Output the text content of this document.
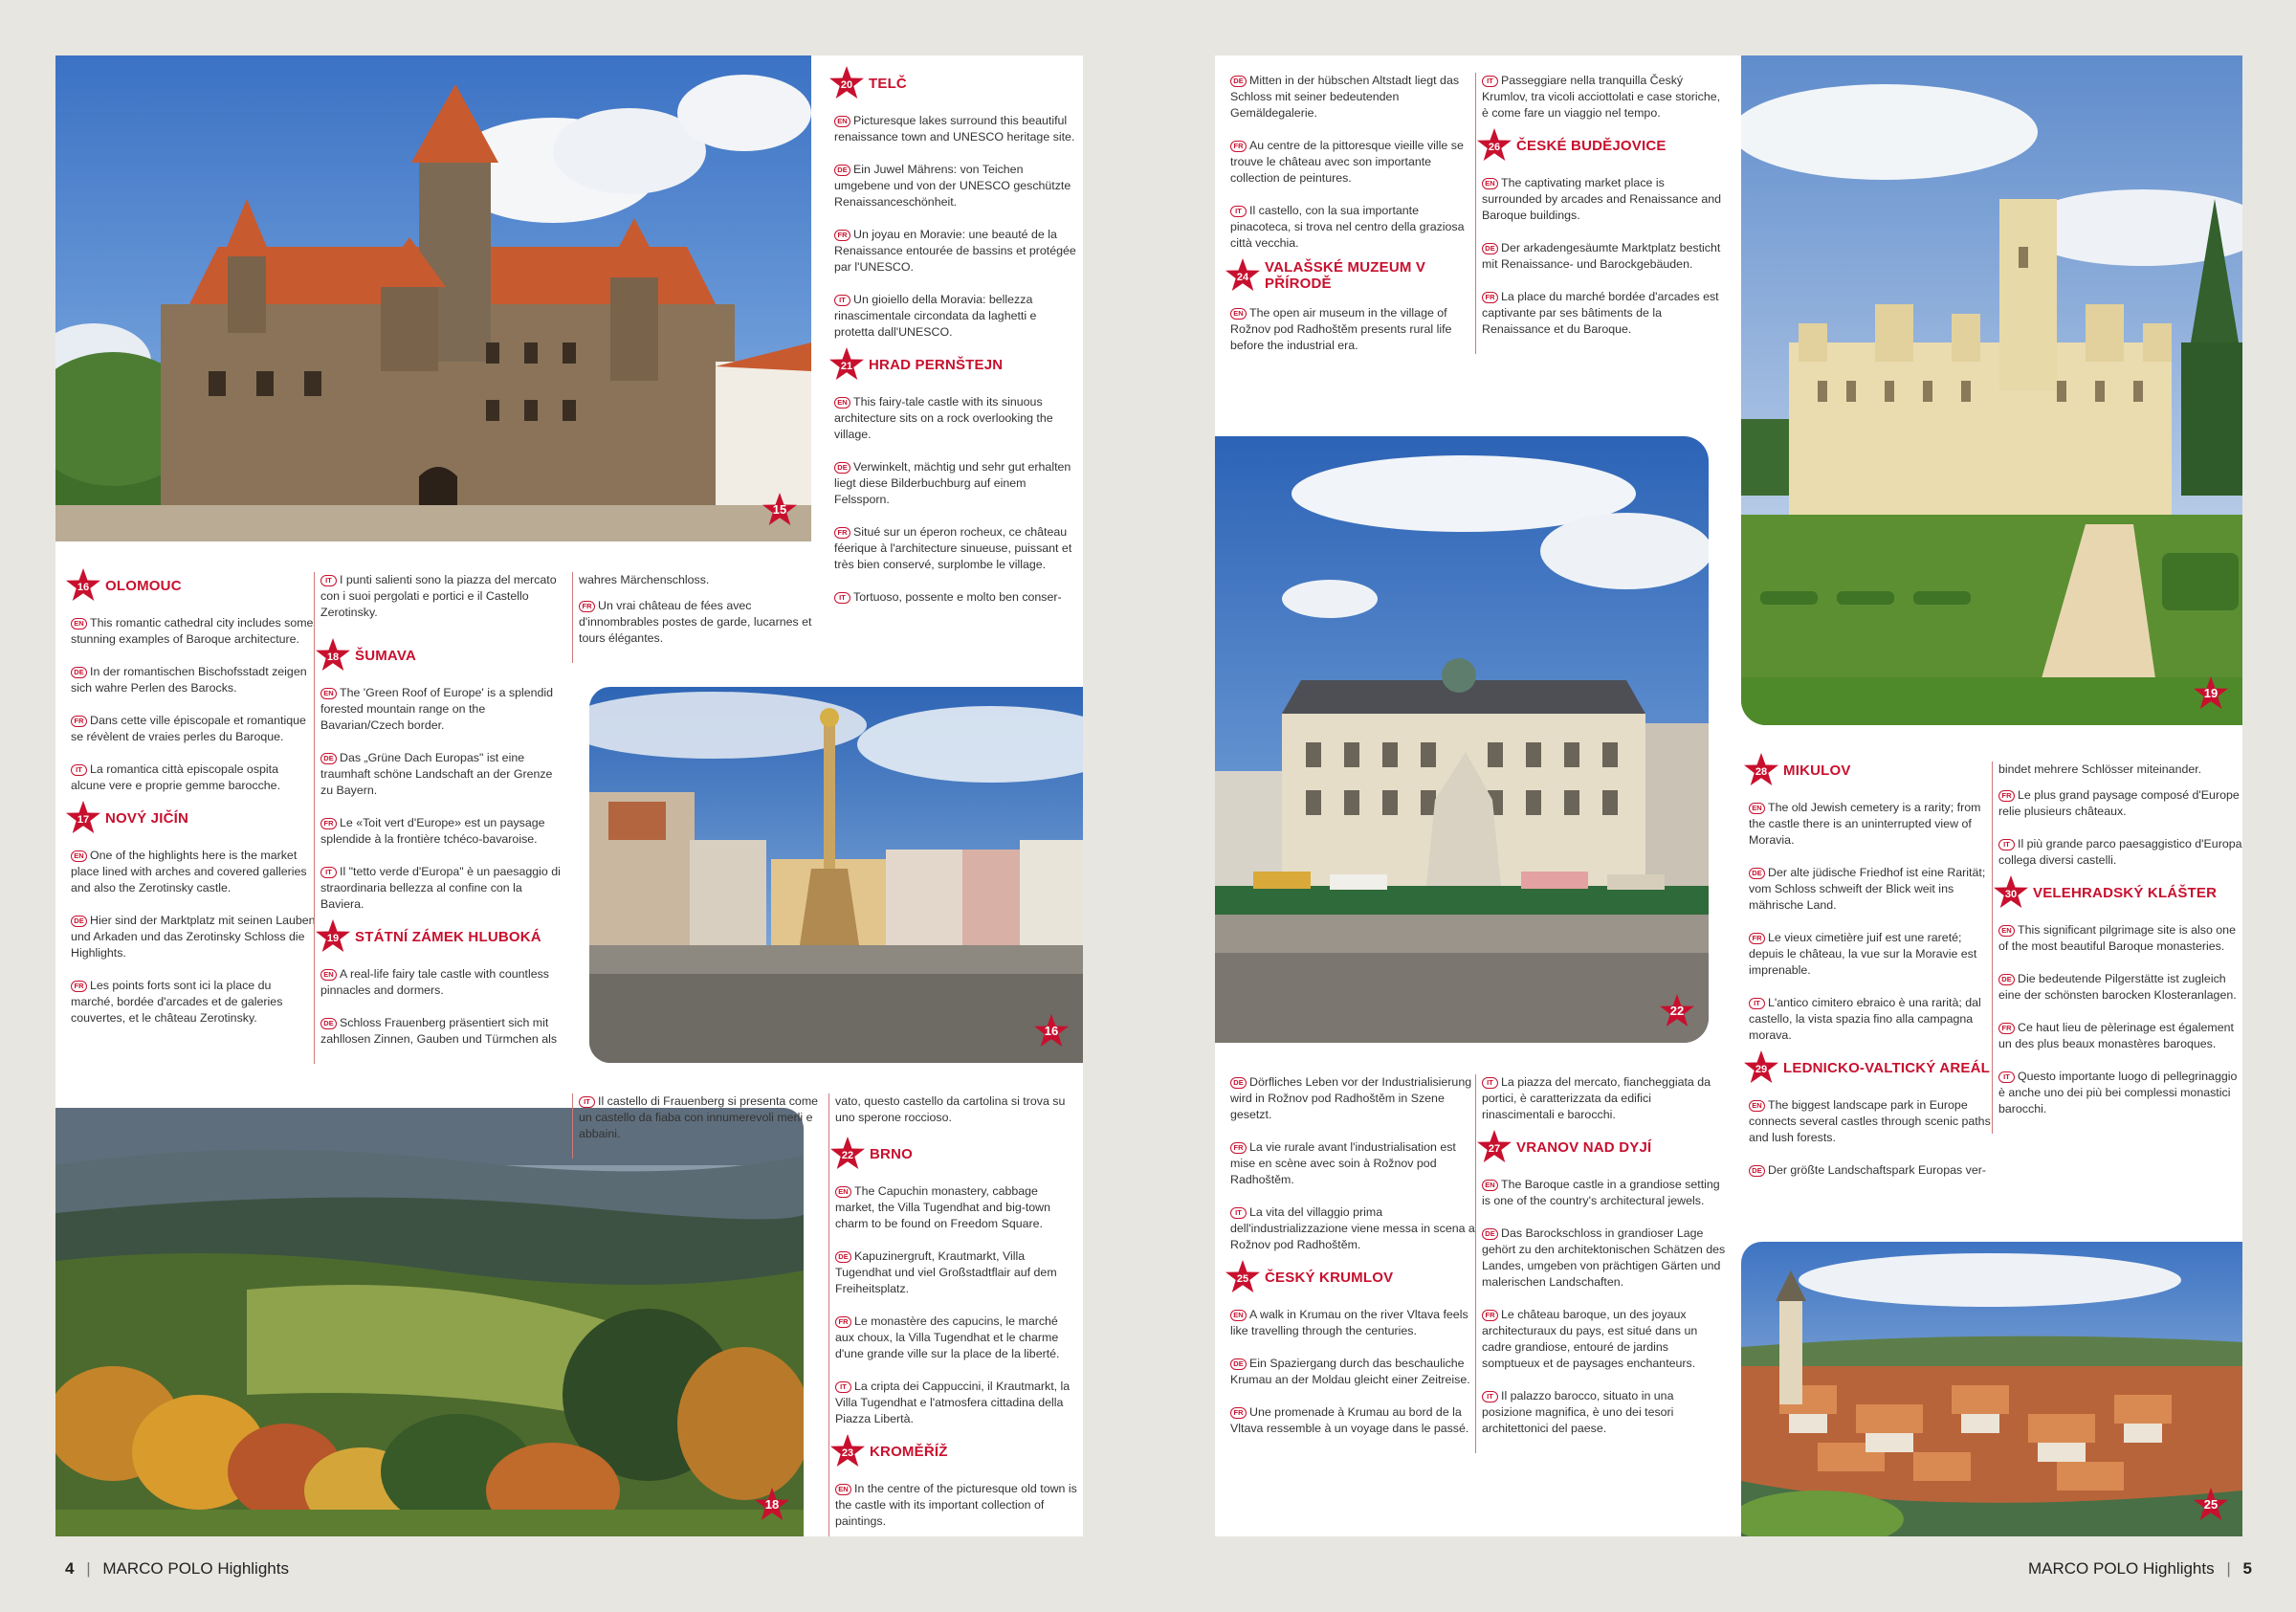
15
16
18
16	OLOMOUC

EN This romantic cathedral city includes some stunning examples of Baroque architecture.

DE In der romantischen Bischofsstadt zeigen sich wahre Perlen des Barocks.

FR Dans cette ville épiscopale et romantique se révèlent de vraies perles du Baroque.

IT La romantica città episcopale ospita alcune vere e proprie gemme barocche.

17	NOVÝ JIČÍN

EN One of the highlights here is the market place lined with arches and covered galleries and also the Zerotinsky castle.

DE Hier sind der Marktplatz mit seinen Lauben und Arkaden und das Zerotinsky Schloss die Highlights.

FR Les points forts sont ici la place du marché, bordée d'arcades et de galeries couvertes, et le château Zerotinsky.

IT I punti salienti sono la piazza del mercato con i suoi pergolati e portici e il Castello Zerotinsky.

18	ŠUMAVA

EN The 'Green Roof of Europe' is a splendid forested mountain range on the Bavarian/Czech border.

DE Das „Grüne Dach Europas" ist eine traumhaft schöne Landschaft an der Grenze zu Bayern.

FR Le «Toit vert d'Europe» est un paysage splendide à la frontière tchéco-bavaroise.

IT Il "tetto verde d'Europa" è un paesaggio di straordinaria bellezza al confine con la Baviera.

19	STÁTNÍ ZÁMEK HLUBOKÁ

EN A real-life fairy tale castle with countless pinnacles and dormers.

DE Schloss Frauenberg präsentiert sich mit zahllosen Zinnen, Gauben und Türmchen als

wahres Märchenschloss.

FR Un vrai château de fées avec d'innombrables postes de garde, lucarnes et tours élégantes.

IT Il castello di Frauenberg si presenta come un castello da fiaba con innumerevoli merli e abbaini.

20	TELČ

EN Picturesque lakes surround this beautiful renaissance town and UNESCO heritage site.

DE Ein Juwel Mährens: von Teichen umgebene und von der UNESCO geschützte Renaissanceschönheit.

FR Un joyau en Moravie: une beauté de la Renaissance entourée de bassins et protégée par l'UNESCO.

IT Un gioiello della Moravia: bellezza rinascimentale circondata da laghetti e protetta dall'UNESCO.

21	HRAD PERNŠTEJN

EN This fairy-tale castle with its sinuous architecture sits on a rock overlooking the village.

DE Verwinkelt, mächtig und sehr gut erhalten liegt diese Bilderbuchburg auf einem Felssporn.

FR Situé sur un éperon rocheux, ce château féerique à l'architecture sinueuse, puissant et très bien conservé, surplombe le village.

IT Tortuoso, possente e molto ben conser-

vato, questo castello da cartolina si trova su uno sperone roccioso.

22	BRNO

EN The Capuchin monastery, cabbage market, the Villa Tugendhat and big-town charm to be found on Freedom Square.

DE Kapuzinergruft, Krautmarkt, Villa Tugendhat und viel Großstadtflair auf dem Freiheitsplatz.

FR Le monastère des capucins, le marché aux choux, la Villa Tugendhat et le charme d'une grande ville sur la place de la liberté.

IT La cripta dei Cappuccini, il Krautmarkt, la Villa Tugendhat e l'atmosfera cittadina della Piazza Libertà.

23	KROMĚŘÍŽ

EN In the centre of the picturesque old town is the castle with its important collection of paintings.

DE Mitten in der hübschen Altstadt liegt das Schloss mit seiner bedeutenden Gemäldegalerie.

FR Au centre de la pittoresque vieille ville se trouve le château avec son importante collection de peintures.

IT Il castello, con la sua importante pinacoteca, si trova nel centro della graziosa città vecchia.

24
VALAŠSKÉ MUZEUM V PŘÍRODĚ

EN The open air museum in the village of Rožnov pod Radhoštěm presents rural life before the industrial era.

IT Passeggiare nella tranquilla Český Krumlov, tra vicoli acciottolati e case storiche, è come fare un viaggio nel tempo.

26	ČESKÉ BUDĚJOVICE

EN The captivating market place is surrounded by arcades and Renaissance and Baroque buildings.

DE Der arkadengesäumte Marktplatz besticht mit Renaissance- und Barockgebäuden.

FR La place du marché bordée d'arcades est captivante par ses bâtiments de la Renaissance et du Baroque.

22

DE Dörfliches Leben vor der Industrialisierung wird in Rožnov pod Radhoštěm in Szene gesetzt.

FR La vie rurale avant l'industrialisation est mise en scène avec soin à Rožnov pod Radhoštěm.

IT La vita del villaggio prima dell'industrializzazione viene messa in scena a Rožnov pod Radhoštěm.

25	ČESKÝ KRUMLOV

EN A walk in Krumau on the river Vltava feels like travelling through the centuries.

DE Ein Spaziergang durch das beschauliche Krumau an der Moldau gleicht einer Zeitreise.

FR Une promenade à Krumau au bord de la Vltava ressemble à un voyage dans le passé.

IT La piazza del mercato, fiancheggiata da portici, è caratterizzata da edifici rinascimentali e barocchi.

27	VRANOV NAD DYJÍ

EN The Baroque castle in a grandiose setting is one of the country's architectural jewels.

DE Das Barockschloss in grandioser Lage gehört zu den architektonischen Schätzen des Landes, umgeben von prächtigen Gärten und malerischen Landschaften.

FR Le château baroque, un des joyaux architecturaux du pays, est situé dans un cadre grandiose, entouré de jardins somptueux et de paysages enchanteurs.

IT Il palazzo barocco, situato in una posizione magnifica, è uno dei tesori architettonici del paese.

19
28	MIKULOV

EN The old Jewish cemetery is a rarity; from the castle there is an uninterrupted view of Moravia.

DE Der alte jüdische Friedhof ist eine Rarität; vom Schloss schweift der Blick weit ins mährische Land.

FR Le vieux cimetière juif est une rareté; depuis le château, la vue sur la Moravie est imprenable.

IT L'antico cimitero ebraico è una rarità; dal castello, la vista spazia fino alla campagna morava.

29	LEDNICKO-VALTICKÝ AREÁL

EN The biggest landscape park in Europe connects several castles through scenic paths and lush forests.

DE Der größte Landschaftspark Europas ver-

bindet mehrere Schlösser miteinander.

FR Le plus grand paysage composé d'Europe relie plusieurs châteaux.

IT Il più grande parco paesaggistico d'Europa collega diversi castelli.

30	VELEHRADSKÝ KLÁŠTER

EN This significant pilgrimage site is also one of the most beautiful Baroque monasteries.

DE Die bedeutende Pilgerstätte ist zugleich eine der schönsten barocken Klosteranlagen.

FR Ce haut lieu de pèlerinage est également un des plus beaux monastères baroques.

IT Questo importante luogo di pellegrinaggio è anche uno dei più bei complessi monastici barocchi.

25
4 | MARCO POLO Highlights	MARCO POLO Highlights | 5
